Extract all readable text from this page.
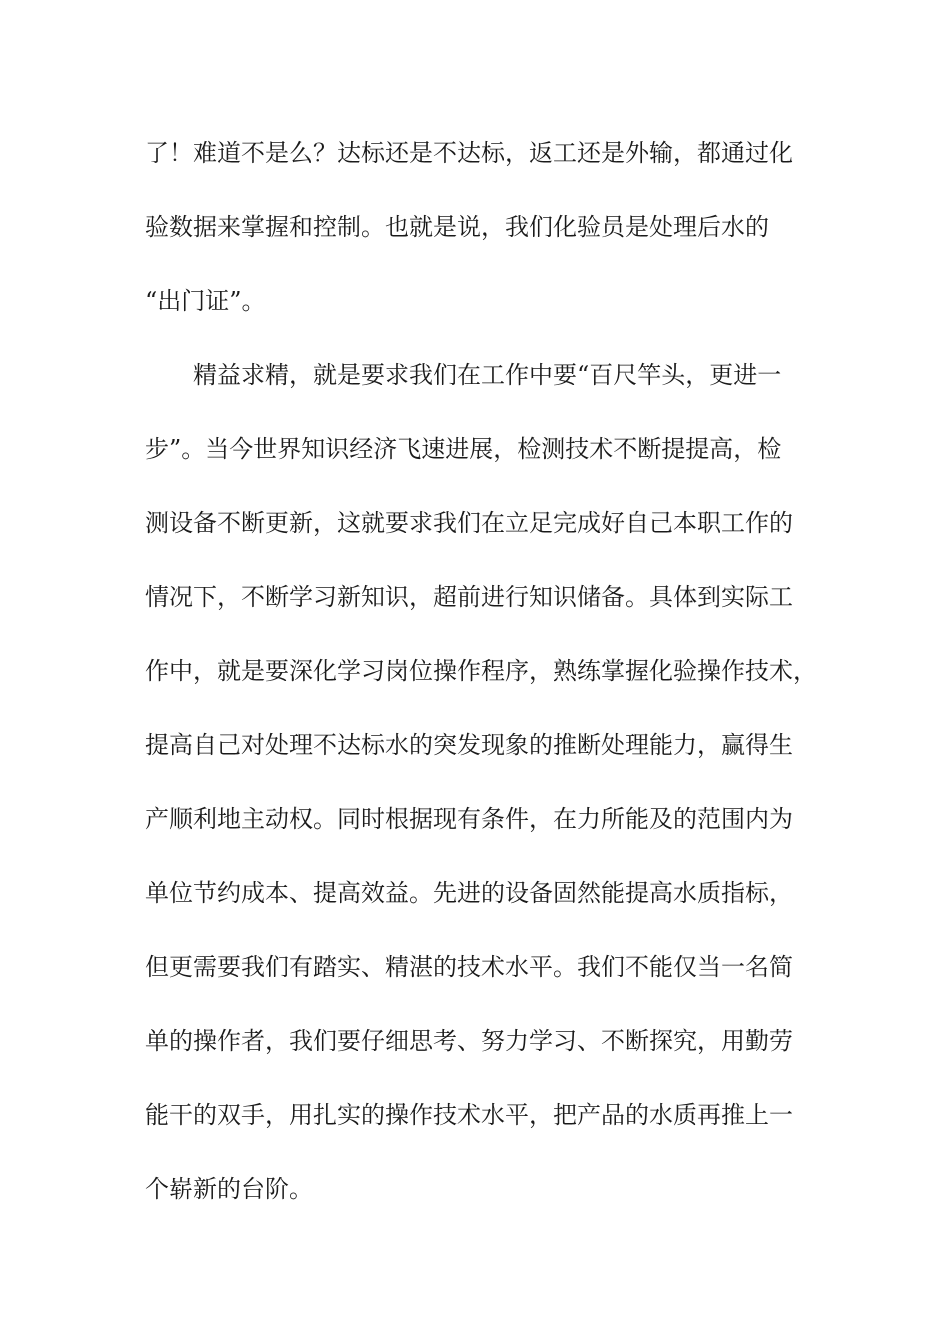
了！难道不是么？达标还是不达标，返工还是外输，都通过化
验数据来掌握和控制。也就是说，我们化验员是处理后水的
“出门证”。
精益求精，就是要求我们在工作中要“百尺竿头，更进一
步”。当今世界知识经济飞速进展，检测技术不断提提高，检
测设备不断更新，这就要求我们在立足完成好自己本职工作的
情况下，不断学习新知识，超前进行知识储备。具体到实际工
作中，就是要深化学习岗位操作程序，熟练掌握化验操作技术，
提高自己对处理不达标水的突发现象的推断处理能力，赢得生
产顺利地主动权。同时根据现有条件，在力所能及的范围内为
单位节约成本、提高效益。先进的设备固然能提高水质指标，
但更需要我们有踏实、精湛的技术水平。我们不能仅当一名简
单的操作者，我们要仔细思考、努力学习、不断探究，用勤劳
能干的双手，用扎实的操作技术水平，把产品的水质再推上一
个崭新的台阶。
